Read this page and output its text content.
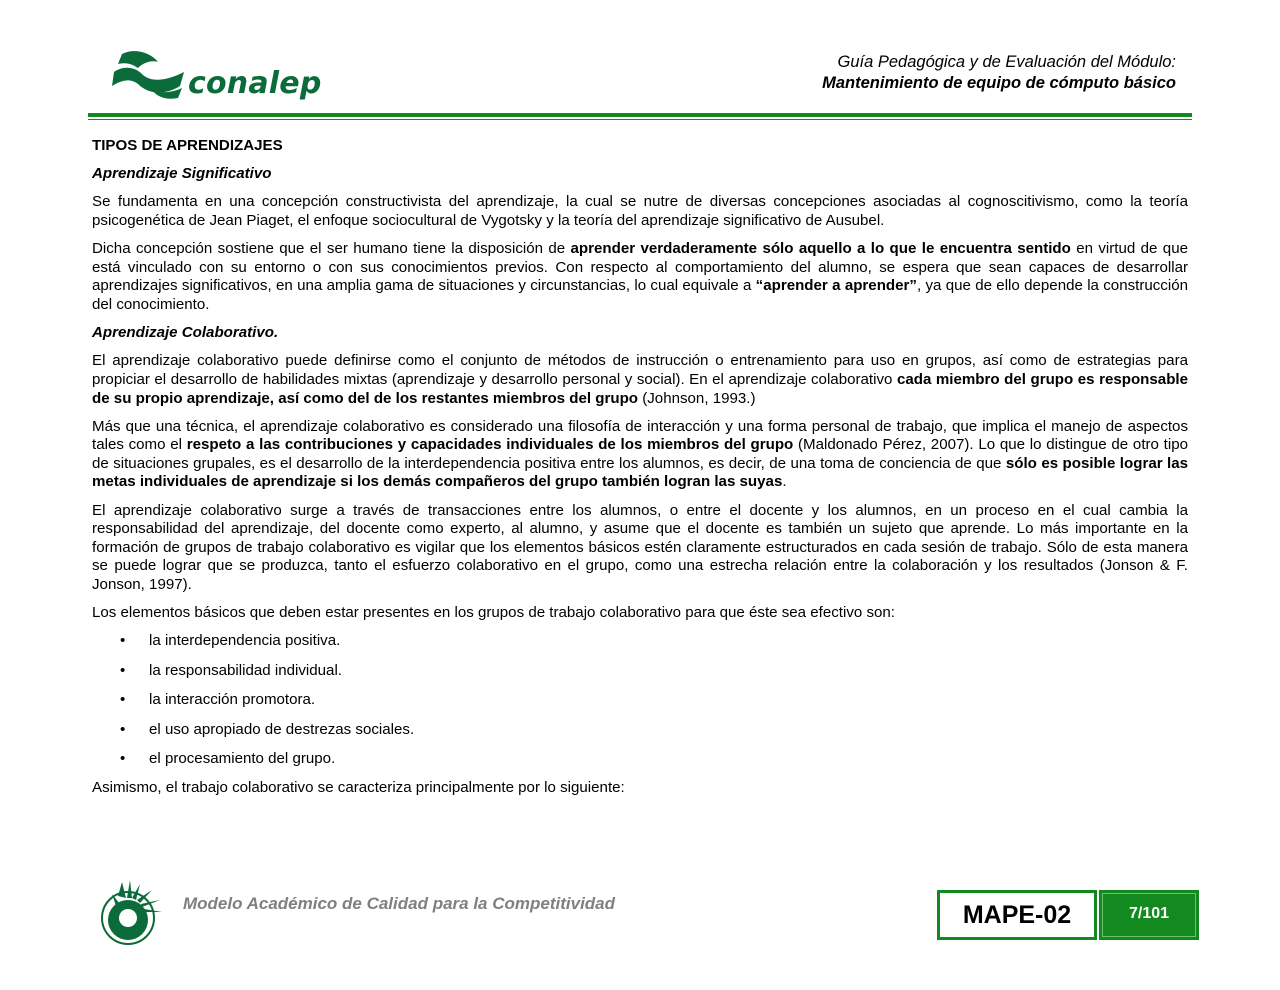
conalep
Guía Pedagógica y de Evaluación del Módulo:
Mantenimiento de equipo de cómputo básico
TIPOS DE APRENDIZAJES
Aprendizaje Significativo

Se fundamenta en una concepción constructivista del aprendizaje, la cual se nutre de diversas concepciones asociadas al cognoscitivismo, como la teoría psicogenética de Jean Piaget, el enfoque sociocultural de Vygotsky y la teoría del aprendizaje significativo de Ausubel.

Dicha concepción sostiene que el ser humano tiene la disposición de aprender verdaderamente sólo aquello a lo que le encuentra sentido en virtud de que está vinculado con su entorno o con sus conocimientos previos. Con respecto al comportamiento del alumno, se espera que sean capaces de desarrollar aprendizajes significativos, en una amplia gama de situaciones y circunstancias, lo cual equivale a “aprender a aprender”, ya que de ello depende la construcción del conocimiento.

Aprendizaje Colaborativo.

El aprendizaje colaborativo puede definirse como el conjunto de métodos de instrucción o entrenamiento para uso en grupos, así como de estrategias para propiciar el desarrollo de habilidades mixtas (aprendizaje y desarrollo personal y social). En el aprendizaje colaborativo cada miembro del grupo es responsable de su propio aprendizaje, así como del de los restantes miembros del grupo (Johnson, 1993.)

Más que una técnica, el aprendizaje colaborativo es considerado una filosofía de interacción y una forma personal de trabajo, que implica el manejo de aspectos tales como el respeto a las contribuciones y capacidades individuales de los miembros del grupo (Maldonado Pérez, 2007). Lo que lo distingue de otro tipo de situaciones grupales, es el desarrollo de la interdependencia positiva entre los alumnos, es decir, de una toma de conciencia de que sólo es posible lograr las metas individuales de aprendizaje si los demás compañeros del grupo también logran las suyas.

El aprendizaje colaborativo surge a través de transacciones entre los alumnos, o entre el docente y los alumnos, en un proceso en el cual cambia la responsabilidad del aprendizaje, del docente como experto, al alumno, y asume que el docente es también un sujeto que aprende. Lo más importante en la formación de grupos de trabajo colaborativo es vigilar que los elementos básicos estén claramente estructurados en cada sesión de trabajo. Sólo de esta manera se puede lograr que se produzca, tanto el esfuerzo colaborativo en el grupo, como una estrecha relación entre la colaboración y los resultados (Jonson & F. Jonson, 1997).

Los elementos básicos que deben estar presentes en los grupos de trabajo colaborativo para que éste sea efectivo son:

• la interdependencia positiva.
• la responsabilidad individual.
• la interacción promotora.
• el uso apropiado de destrezas sociales.
• el procesamiento del grupo.

Asimismo, el trabajo colaborativo se caracteriza principalmente por lo siguiente:

Modelo Académico de Calidad para la Competitividad	MAPE-02	7/101
